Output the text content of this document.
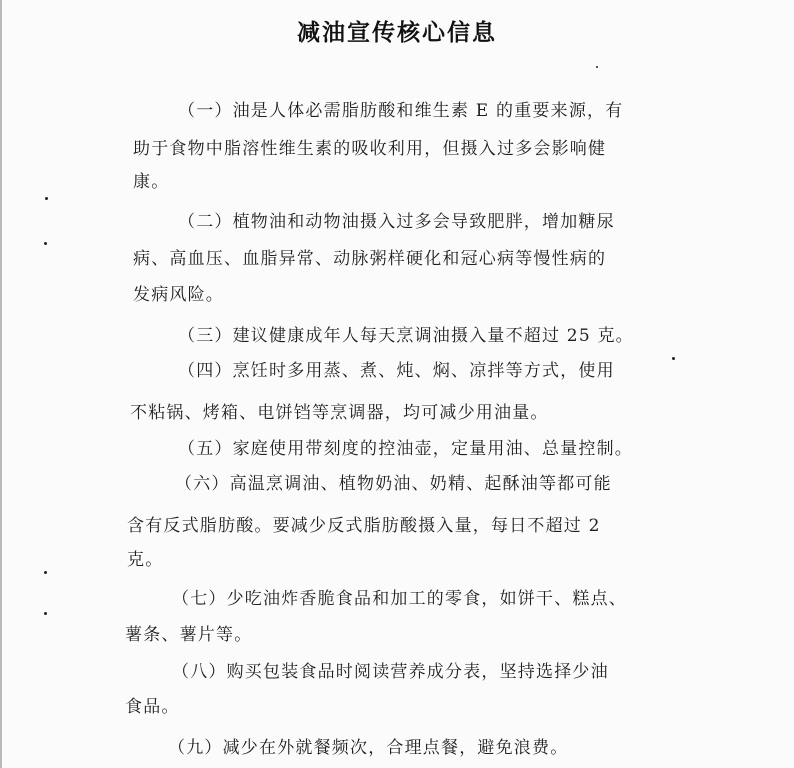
减油宣传核心信息
（一）油是人体必需脂肪酸和维生素 E 的重要来源，有
助于食物中脂溶性维生素的吸收利用，但摄入过多会影响健
康。
（二）植物油和动物油摄入过多会导致肥胖，增加糖尿
病、高血压、血脂异常、动脉粥样硬化和冠心病等慢性病的
发病风险。
（三）建议健康成年人每天烹调油摄入量不超过 25 克。
（四）烹饪时多用蒸、煮、炖、焖、凉拌等方式，使用
不粘锅、烤箱、电饼铛等烹调器，均可减少用油量。
（五）家庭使用带刻度的控油壶，定量用油、总量控制。
（六）高温烹调油、植物奶油、奶精、起酥油等都可能
含有反式脂肪酸。要减少反式脂肪酸摄入量，每日不超过 2
克。
（七）少吃油炸香脆食品和加工的零食，如饼干、糕点、
薯条、薯片等。
（八）购买包装食品时阅读营养成分表，坚持选择少油
食品。
（九）减少在外就餐频次，合理点餐，避免浪费。
